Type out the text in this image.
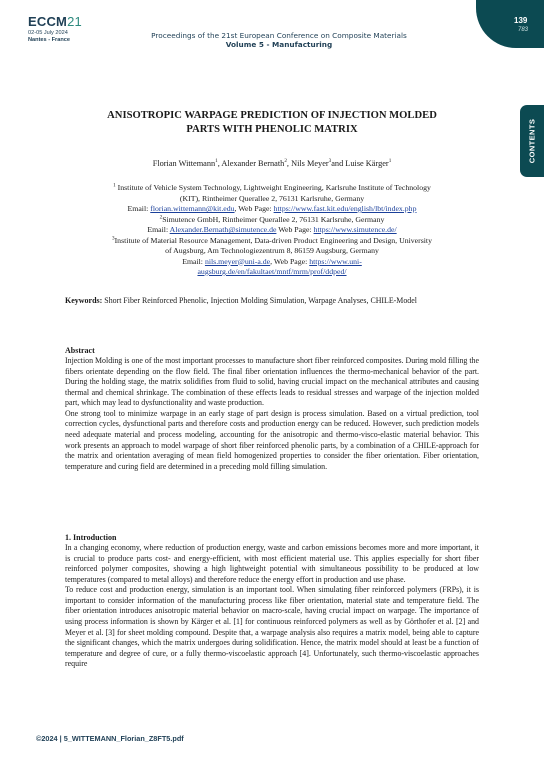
ECCM21
02-05 July 2024
Nantes - France	Proceedings of the 21st European Conference on Composite Materials
Volume 5 - Manufacturing
139
783
CONTENTS
ANISOTROPIC WARPAGE PREDICTION OF INJECTION MOLDED
PARTS WITH PHENOLIC MATRIX
Florian Wittemann$^1$, Alexander Bernath$^2$, Nils Meyer$^3$and Luise Kärger$^1$
$^1$ Institute of Vehicle System Technology, Lightweight Engineering, Karlsruhe Institute of Technology
(KIT), Rintheimer Querallee 2, 76131 Karlsruhe, Germany
Email: florian.wittemann@kit.edu, Web Page: https://www.fast.kit.edu/english/lbt/index.php
$^2$Simutence GmbH, Rintheimer Querallee 2, 76131 Karlsruhe, Germany
Email: Alexander.Bernath@simutence.de Web Page: https://www.simutence.de/
$^3$Institute of Material Resource Management, Data-driven Product Engineering and Design, University
of Augsburg, Am Technologiezentrum 8, 86159 Augsburg, Germany
Email: nils.meyer@uni-a.de, Web Page: https://www.uni-
augsburg.de/en/fakultaet/mntf/mrm/prof/ddped/
Keywords: Short Fiber Reinforced Phenolic, Injection Molding Simulation, Warpage Analyses, CHILE-Model
Abstract

Injection Molding is one of the most important processes to manufacture short fiber reinforced composites. During mold filling the fibers orientate depending on the flow field. The final fiber orientation influences the thermo-mechanical behavior of the part. During the holding stage, the matrix solidifies from fluid to solid, having crucial impact on the mechanical attributes and causing thermal and chemical shrinkage. The combination of these effects leads to residual stresses and warpage of the injection molded part, which may lead to dysfunctionality and waste production.

One strong tool to minimize warpage in an early stage of part design is process simulation. Based on a virtual prediction, tool correction cycles, dysfunctional parts and therefore costs and production energy can be reduced. However, such prediction models need adequate material and process modeling, accounting for the anisotropic and thermo-visco-elastic material behavior. This work presents an approach to model warpage of short fiber reinforced phenolic parts, by a combination of a CHILE-approach for the matrix and orientation averaging of mean field homogenized properties to consider the fiber orientation. Fiber orientation, temperature and curing field are determined in a preceding mold filling simulation.

1. Introduction

In a changing economy, where reduction of production energy, waste and carbon emissions becomes more and more important, it is crucial to produce parts cost- and energy-efficient, with most efficient material use. This applies especially for short fiber reinforced polymer composites, showing a high lightweight potential with simultaneous possibility to be produced at low temperatures (compared to metal alloys) and therefore reduce the energy effort in production and use phase.

To reduce cost and production energy, simulation is an important tool. When simulating fiber reinforced polymers (FRPs), it is important to consider information of the manufacturing process like fiber orientation, material state and temperature field. The fiber orientation introduces anisotropic material behavior on macro-scale, having crucial impact on warpage. The importance of using process information is shown by Kärger et al. [1] for continuous reinforced polymers as well as by Görthofer et al. [2] and Meyer et al. [3] for sheet molding compound. Despite that, a warpage analysis also requires a matrix model, being able to capture the significant changes, which the matrix undergoes during solidification. Hence, the matrix model should at least be a function of temperature and degree of cure, or a fully thermo-viscoelastic approach [4]. Unfortunately, such thermo-viscoelastic approaches require

©2024 | 5_WITTEMANN_Florian_Z8FT5.pdf
